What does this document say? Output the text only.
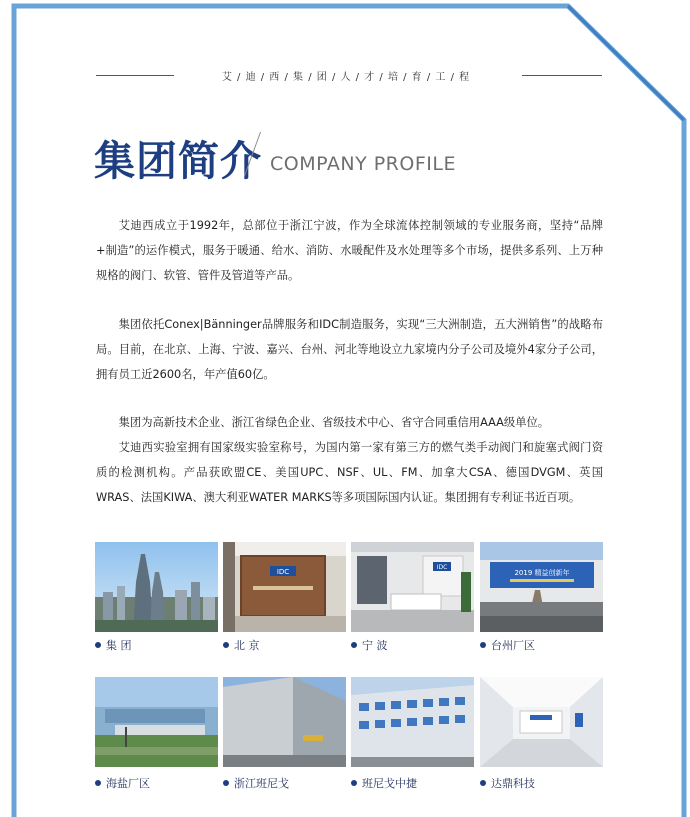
艾 / 迪 / 西 / 集 / 团 / 人 / 才 / 培 / 育 / 工 / 程
集团简介 COMPANY PROFILE
艾迪西成立于1992年，总部位于浙江宁波，作为全球流体控制领域的专业服务商，坚持“品牌+制造”的运作模式，服务于暖通、给水、消防、水暖配件及水处理等多个市场，提供多系列、上万种规格的阀门、软管、管件及管道等产品。
集团依托Conex|Bänninger品牌服务和IDC制造服务，实现“三大洲制造，五大洲销售”的战略布局。目前，在北京、上海、宁波、嘉兴、台州、河北等地设立九家境内分子公司及境外4家分子公司，拥有员工近2600名，年产值60亿。
集团为高新技术企业、浙江省绿色企业、省级技术中心、省守合同重信用AAA级单位。
艾迪西实验室拥有国家级实验室称号，为国内第一家有第三方的燃气类手动阀门和旋塞式阀门资质的检测机构。产品获欧盟CE、美国UPC、NSF、UL、FM、加拿大CSA、德国DVGM、英国WRAS、法国KIWA、澳大利亚WATER MARKS等多项国际国内认证。集团拥有专利证书近百项。
IDC
IDC
2019 精益创新年
集 团	北 京	宁 波	台州厂区
海盐厂区	浙江班尼戈	班尼戈中捷	达鼎科技
